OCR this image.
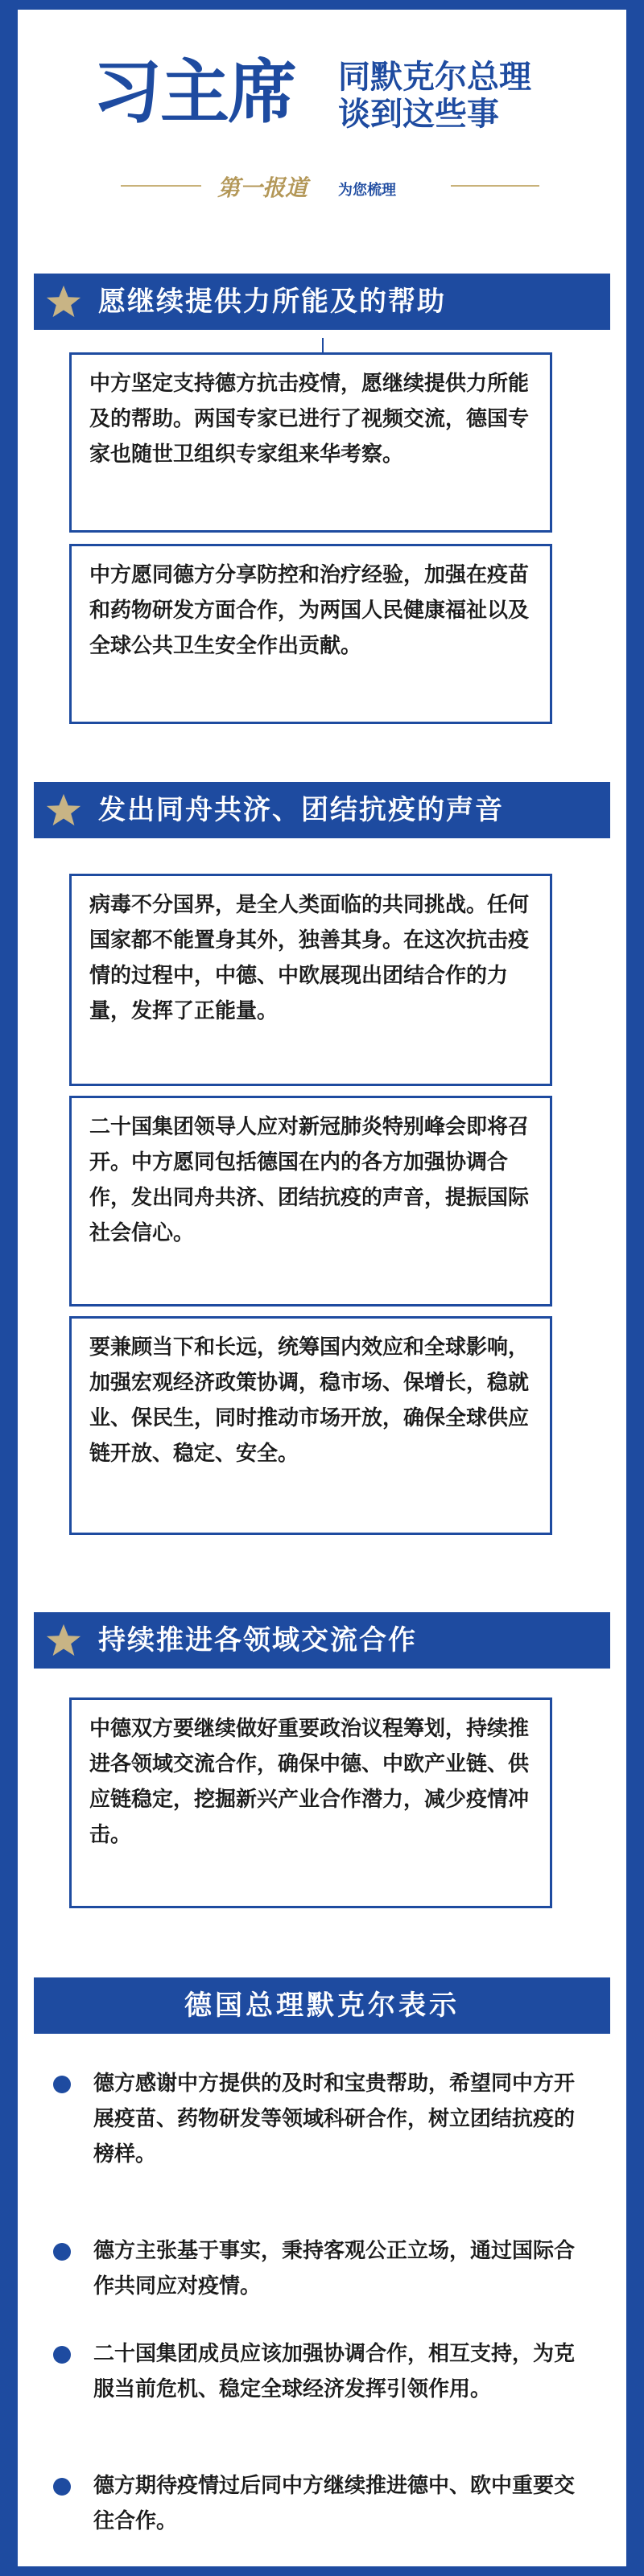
习主席 同默克尔总理
谈到这些事
第一报道 为您梳理
愿继续提供力所能及的帮助
中方坚定支持德方抗击疫情，愿继续提供力所能及的帮助。两国专家已进行了视频交流，德国专家也随世卫组织专家组来华考察。
中方愿同德方分享防控和治疗经验，加强在疫苗和药物研发方面合作，为两国人民健康福祉以及全球公共卫生安全作出贡献。
发出同舟共济、团结抗疫的声音
病毒不分国界，是全人类面临的共同挑战。任何国家都不能置身其外，独善其身。在这次抗击疫情的过程中，中德、中欧展现出团结合作的力量，发挥了正能量。
二十国集团领导人应对新冠肺炎特别峰会即将召开。中方愿同包括德国在内的各方加强协调合作，发出同舟共济、团结抗疫的声音，提振国际社会信心。
要兼顾当下和长远，统筹国内效应和全球影响，加强宏观经济政策协调，稳市场、保增长，稳就业、保民生，同时推动市场开放，确保全球供应链开放、稳定、安全。
持续推进各领域交流合作
中德双方要继续做好重要政治议程筹划，持续推进各领域交流合作，确保中德、中欧产业链、供应链稳定，挖掘新兴产业合作潜力，减少疫情冲击。
德国总理默克尔表示
德方感谢中方提供的及时和宝贵帮助，希望同中方开展疫苗、药物研发等领域科研合作，树立团结抗疫的榜样。
德方主张基于事实，秉持客观公正立场，通过国际合作共同应对疫情。
二十国集团成员应该加强协调合作，相互支持，为克服当前危机、稳定全球经济发挥引领作用。
德方期待疫情过后同中方继续推进德中、欧中重要交往合作。
